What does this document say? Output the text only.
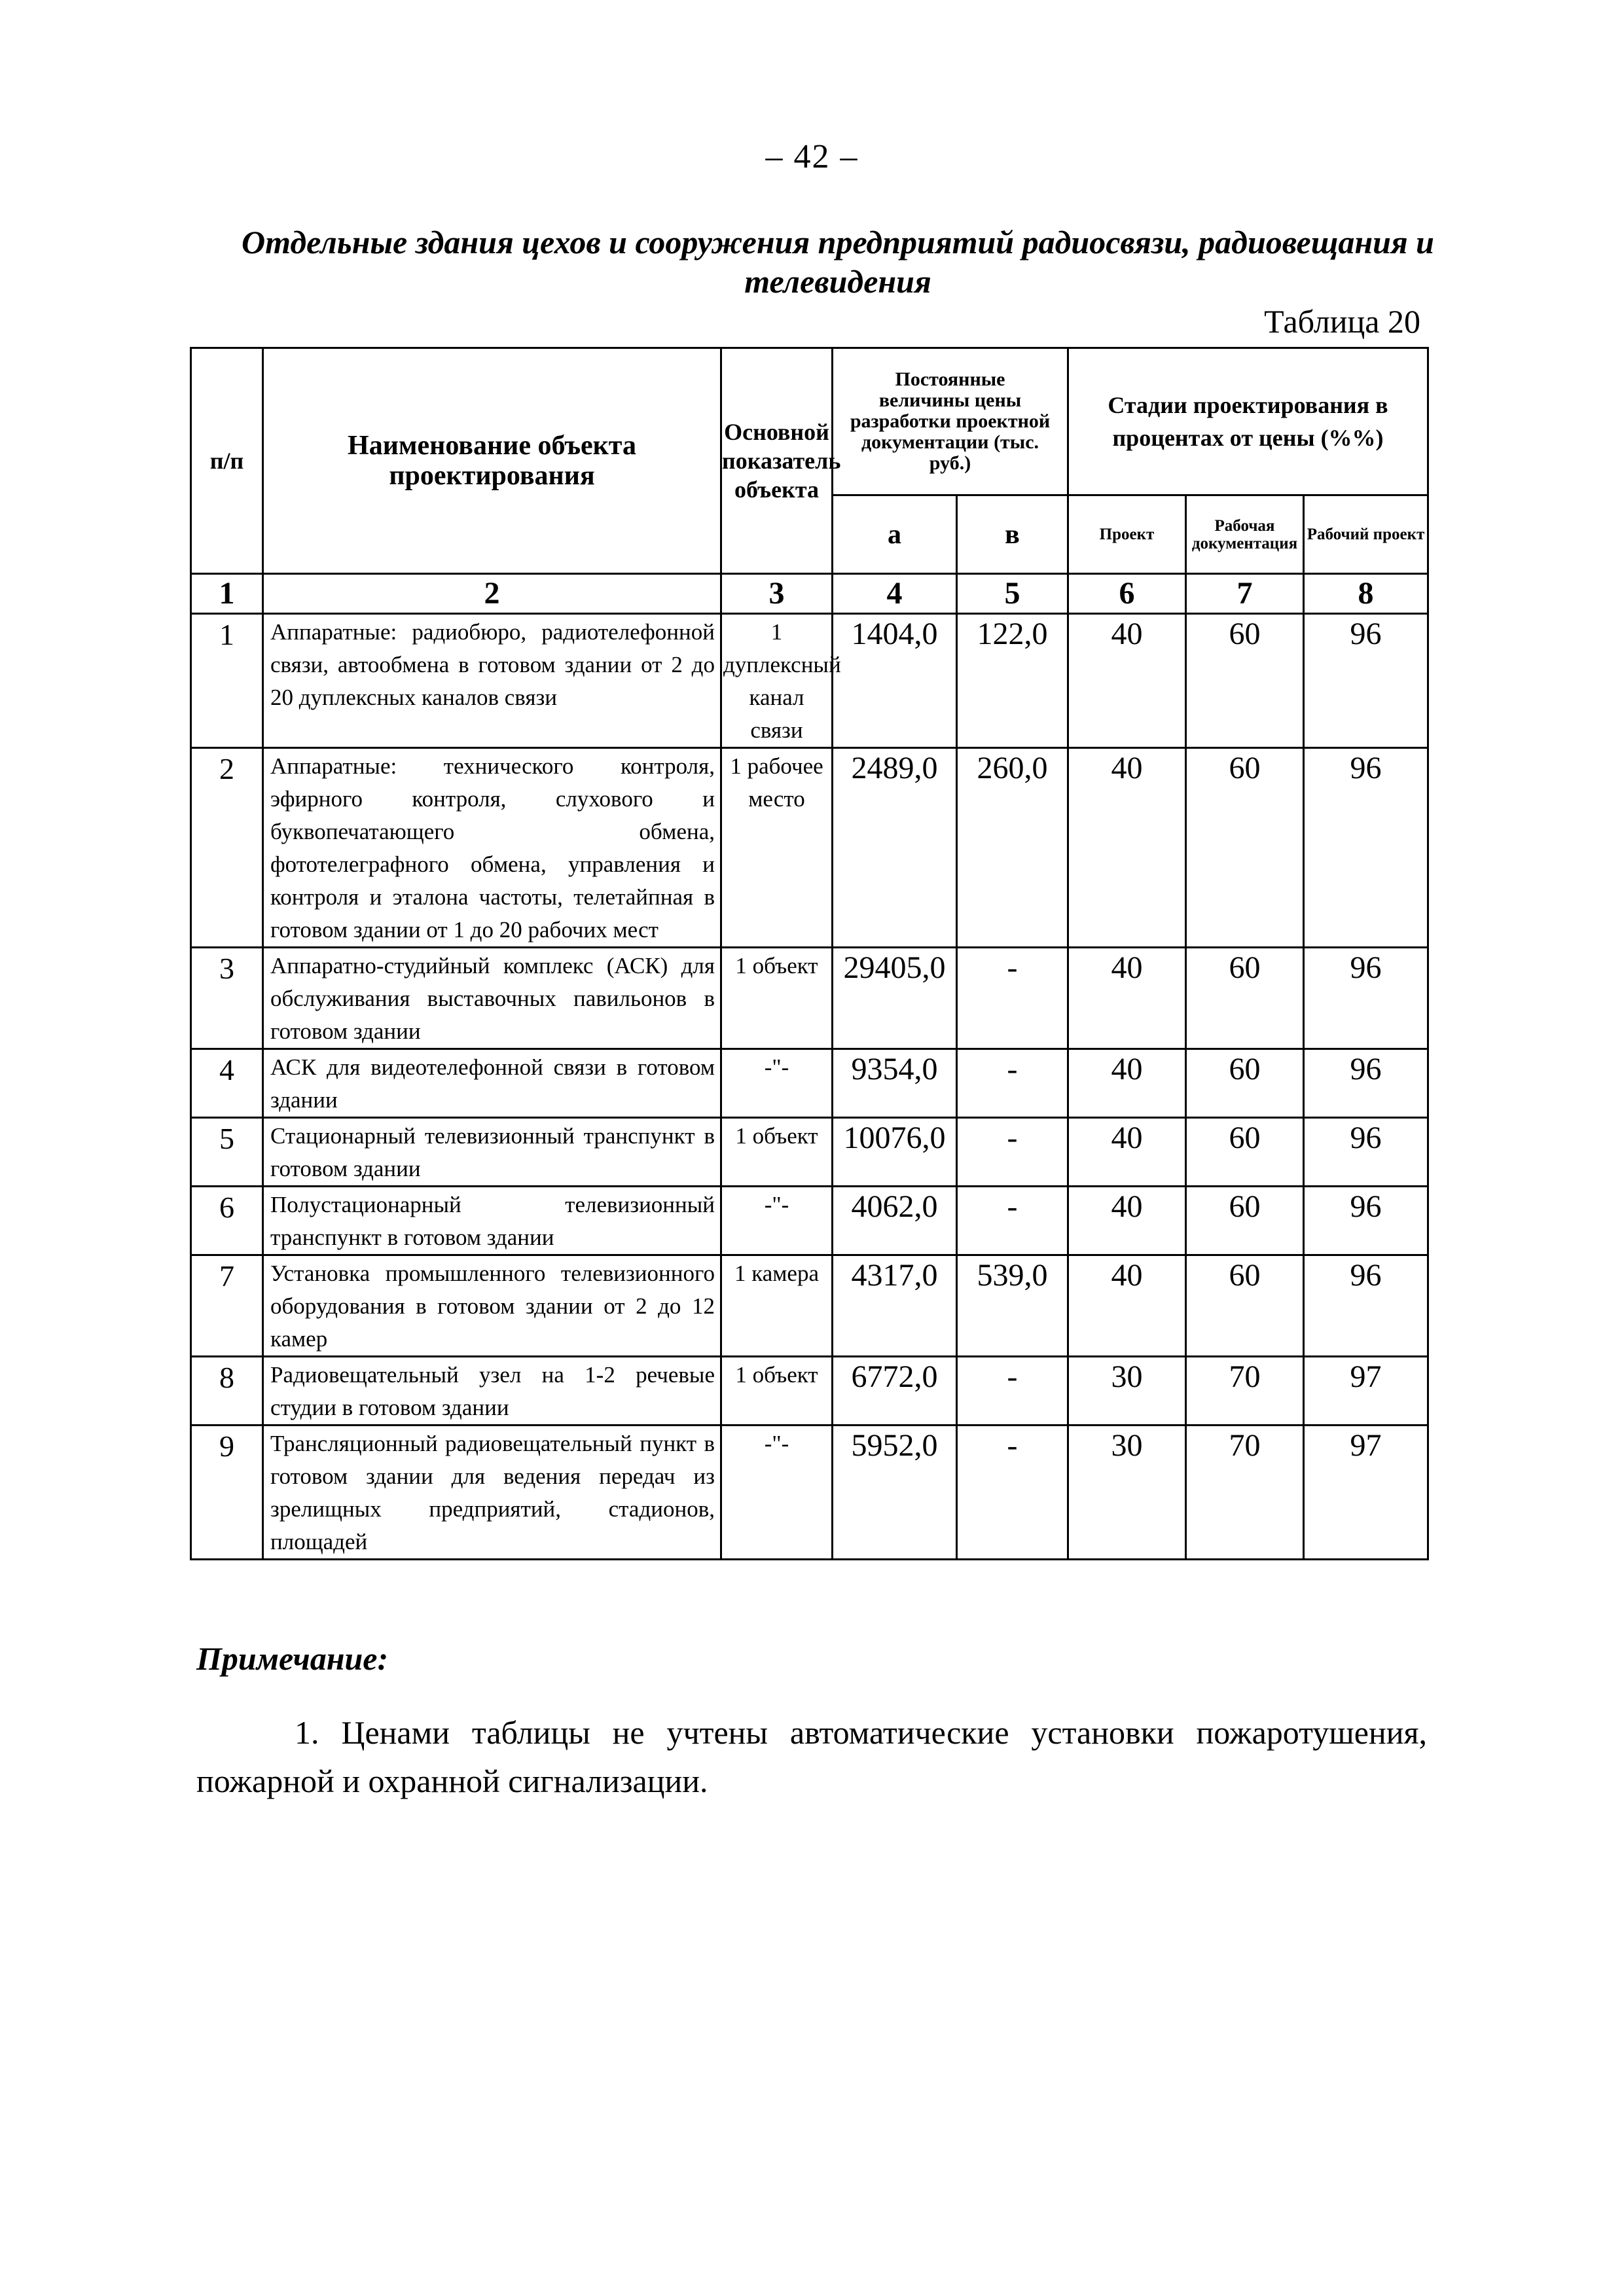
– 42 –
Отдельные здания цехов и сооружения предприятий радиосвязи, радиовещания и телевидения
Таблица 20
п/п	Наименование объекта проектирования	Основной показатель объекта	Постоянные величины цены разработки проектной документации (тыс. руб.)		Стадии проектирования в процентах от цены (%%)		
			а	в	Проект	Рабочая документация	Рабочий проект
1	2	3	4	5	6	7	8
1	Аппаратные: радиобюро, радиотелефонной связи, автообмена в готовом здании от 2 до 20 дуплексных каналов связи	1 дуплексный канал связи	1404,0	122,0	40	60	96
2	Аппаратные: технического контроля, эфирного контроля, слухового и буквопечатающего обмена, фототелеграфного обмена, управления и контроля и эталона частоты, телетайпная в готовом здании от 1 до 20 рабочих мест	1 рабочее место	2489,0	260,0	40	60	96
3	Аппаратно-студийный комплекс (АСК) для обслуживания выставочных павильонов в готовом здании	1 объект	29405,0	-	40	60	96
4	АСК для видеотелефонной связи в готовом здании	-"-	9354,0	-	40	60	96
5	Стационарный телевизионный транспункт в готовом здании	1 объект	10076,0	-	40	60	96
6	Полустационарный телевизионный транспункт в готовом здании	-"-	4062,0	-	40	60	96
7	Установка промышленного телевизионного оборудования в готовом здании от 2 до 12 камер	1 камера	4317,0	539,0	40	60	96
8	Радиовещательный узел на 1-2 речевые студии в готовом здании	1 объект	6772,0	-	30	70	97
9	Трансляционный радиовещательный пункт в готовом здании для ведения передач из зрелищных предприятий, стадионов, площадей	-"-	5952,0	-	30	70	97
Примечание:
1. Ценами таблицы не учтены автоматические установки пожаротушения, пожарной и охранной сигнализации.
